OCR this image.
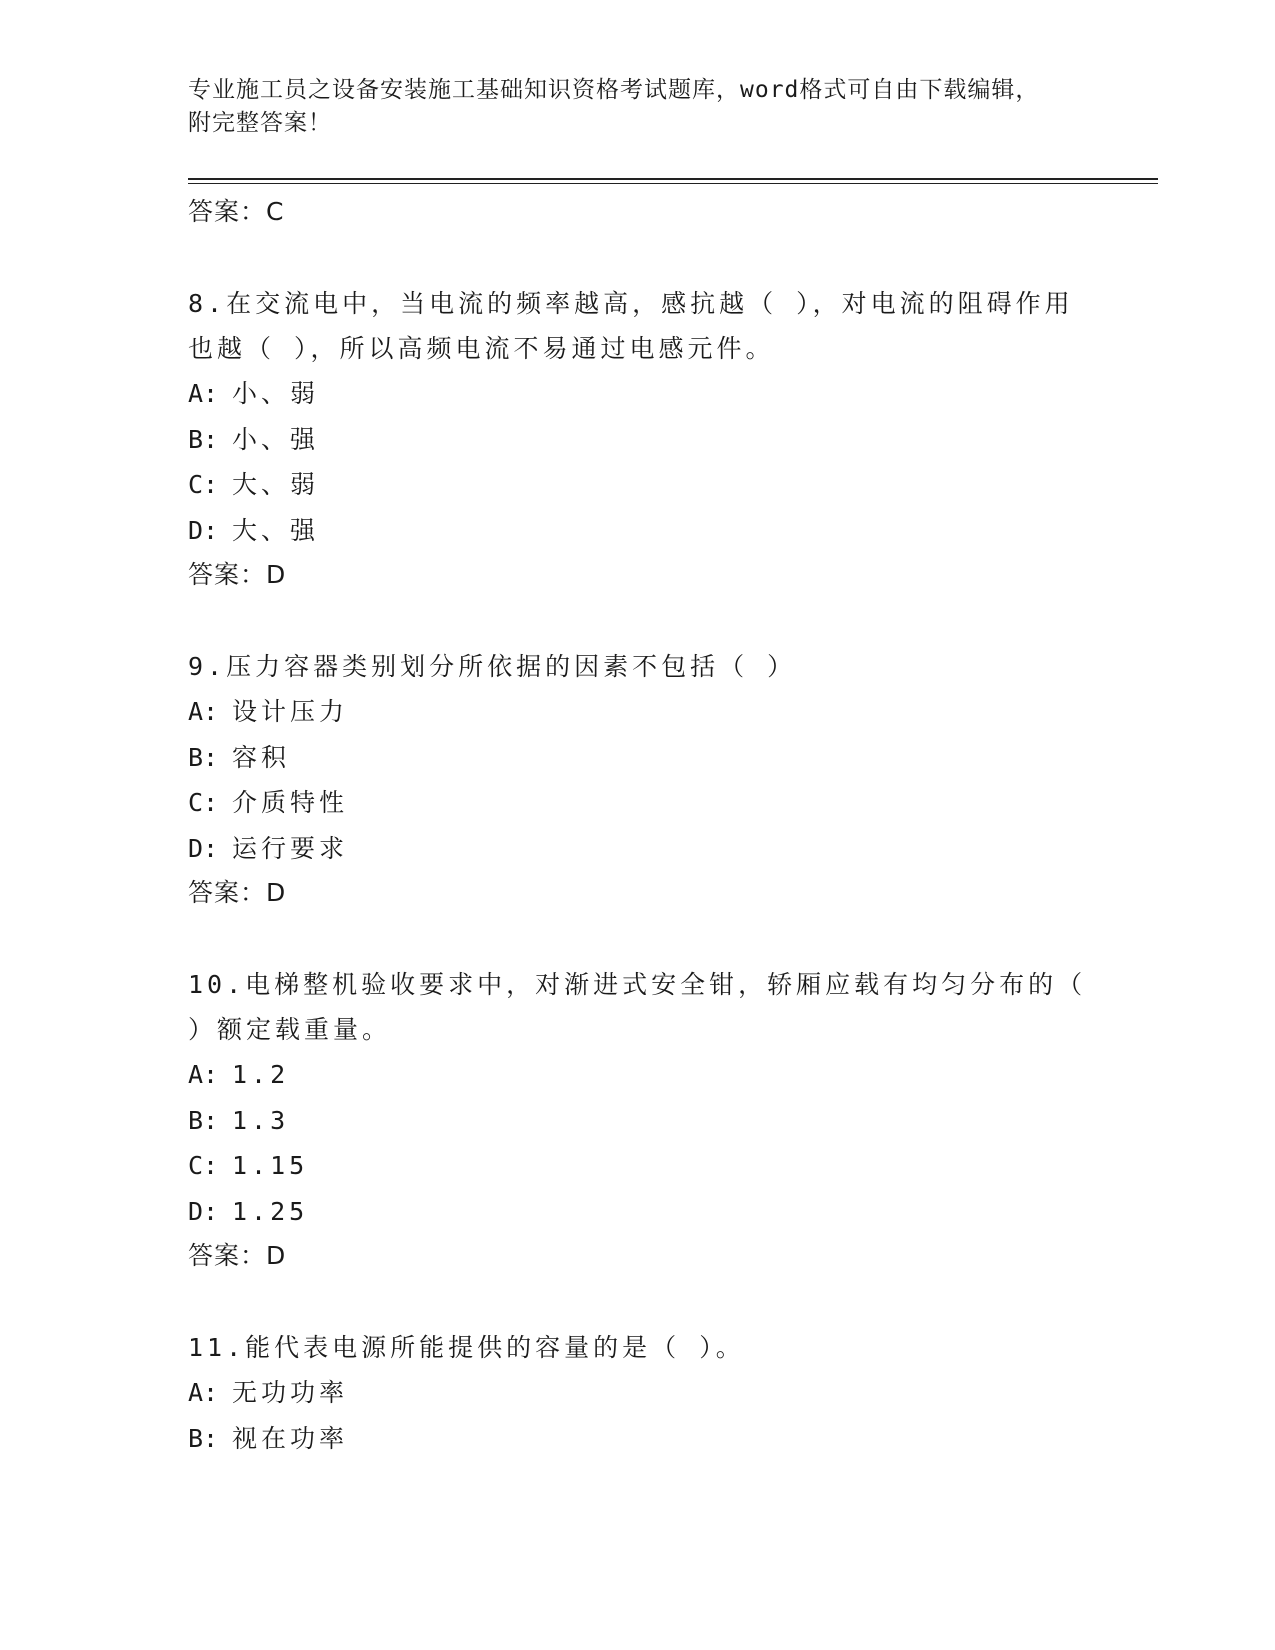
专业施工员之设备安装施工基础知识资格考试题库，word格式可自由下载编辑，
附完整答案！
答案：C
8.在交流电中，当电流的频率越高，感抗越（ ），对电流的阻碍作用
也越（ ），所以高频电流不易通过电感元件。
A: 小、弱
B: 小、强
C: 大、弱
D: 大、强
答案：D
9.压力容器类别划分所依据的因素不包括（ ）
A: 设计压力
B: 容积
C: 介质特性
D: 运行要求
答案：D
10.电梯整机验收要求中，对渐进式安全钳，轿厢应载有均匀分布的（
）额定载重量。
A: 1.2
B: 1.3
C: 1.15
D: 1.25
答案：D
11.能代表电源所能提供的容量的是（ ）。
A: 无功功率
B: 视在功率
